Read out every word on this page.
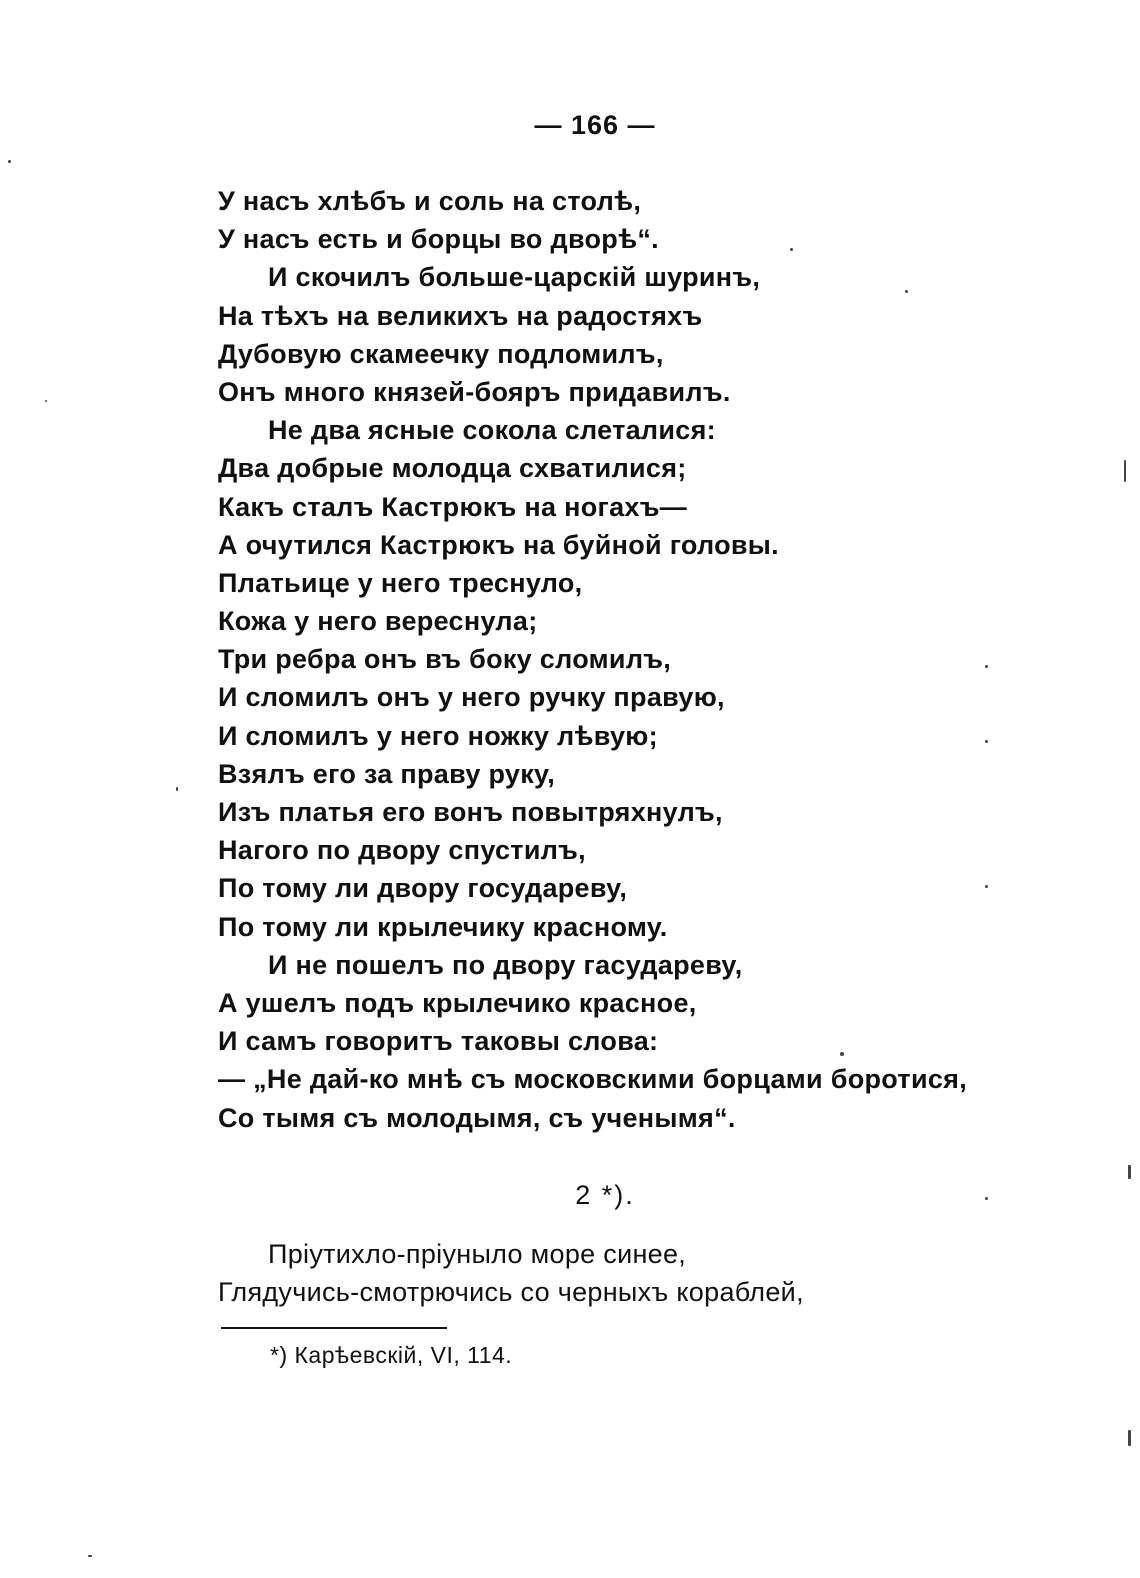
— 166 —
У насъ хлѣбъ и соль на столѣ,
У насъ есть и борцы во дворѣ“.
И скочилъ больше-царскій шуринъ,
На тѣхъ на великихъ на радостяхъ
Дубовую скамеечку подломилъ,
Онъ много князей-бояръ придавилъ.
Не два ясные сокола слеталися:
Два добрые молодца схватилися;
Какъ сталъ Кастрюкъ на ногахъ—
А очутился Кастрюкъ на буйной головы.
Платьице у него треснуло,
Кожа у него вереснула;
Три ребра онъ въ боку сломилъ,
И сломилъ онъ у него ручку правую,
И сломилъ у него ножку лѣвую;
Взялъ его за праву руку,
Изъ платья его вонъ повытряхнулъ,
Нагого по двору спустилъ,
По тому ли двору государеву,
По тому ли крылечику красному.
И не пошелъ по двору гасудареву,
А ушелъ подъ крылечико красное,
И самъ говоритъ таковы слова:
— „Не дай-ко мнѣ съ московскими борцами боротися,
Со тымя съ молодымя, съ ученымя“.
2 *).
Пріутихло-пріуныло море синее,
Глядучись-смотрючись со черныхъ кораблей,
*) Карѣевскій, VI, 114.
